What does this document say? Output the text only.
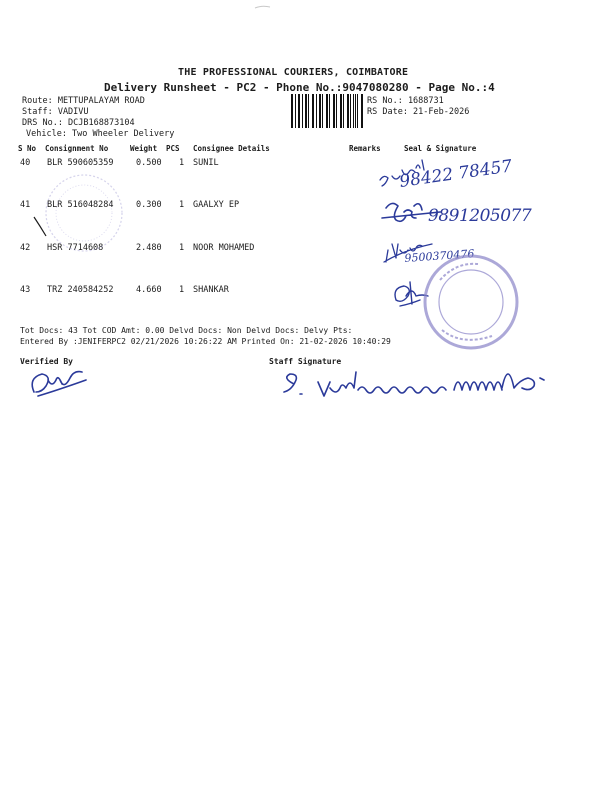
THE PROFESSIONAL COURIERS, COIMBATORE
Delivery Runsheet - PC2 - Phone No.:9047080280 - Page No.:4
Route: METTUPALAYAM ROAD
Staff: VADIVU
DRS No.: DCJB168873104
Vehicle: Two Wheeler Delivery
RS No.: 1688731
RS Date: 21-Feb-2026
S No Consignment No	Weight PCS Consignee Details	Remarks	Seal & Signature
40 BLR 590605359	0.500 1 SUNIL
41 BLR 516048284	0.300 1 GAALXY EP
42 HSR 7714608	2.480 1 NOOR MOHAMED
43 TRZ 240584252	4.660 1 SHANKAR
Tot Docs: 43 Tot COD Amt: 0.00 Delvd Docs: Non Delvd Docs: Delvy Pts:
Entered By :JENIFERPC2 02/21/2026 10:26:22 AM Printed On: 21-02-2026 10:40:29
Verified By	Staff Signature
98422 78457
9891205077
9500370476
